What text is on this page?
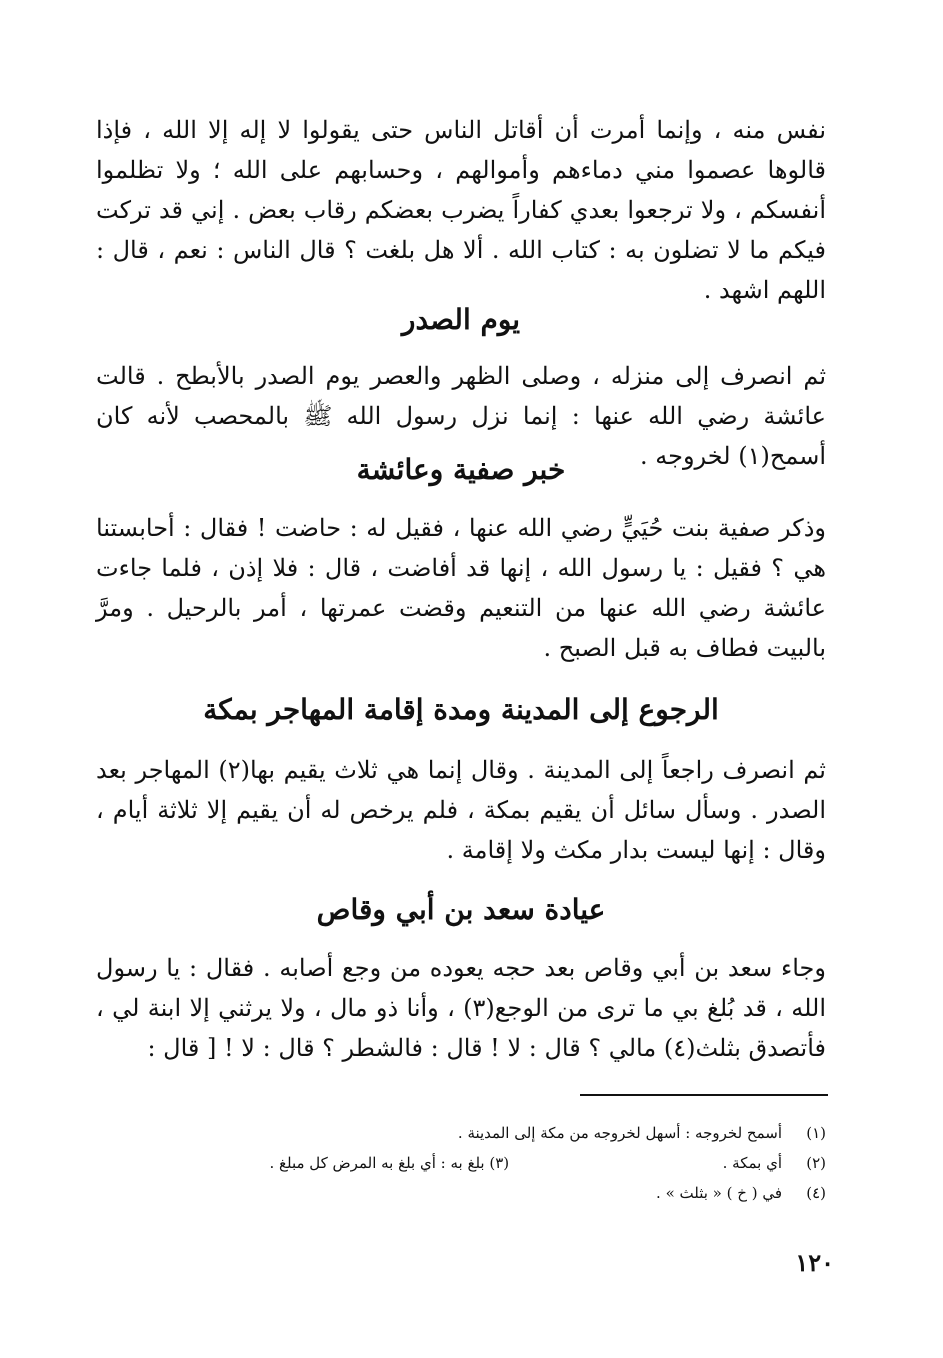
نفس منه ، وإنما أمرت أن أقاتل الناس حتى يقولوا لا إله إلا الله ، فإذا قالوها عصموا مني دماءهم وأموالهم ، وحسابهم على الله ؛ ولا تظلموا أنفسكم ، ولا ترجعوا بعدي كفاراً يضرب بعضكم رقاب بعض . إني قد تركت فيكم ما لا تضلون به : كتاب الله . ألا هل بلغت ؟ قال الناس : نعم ، قال : اللهم اشهد .

يوم الصدر

ثم انصرف إلى منزله ، وصلى الظهر والعصر يوم الصدر بالأبطح . قالت عائشة رضي الله عنها : إنما نزل رسول الله ﷺ بالمحصب لأنه كان أسمح(١) لخروجه .

خبر صفية وعائشة

وذكر صفية بنت حُيَيٍّ رضي الله عنها ، فقيل له : حاضت ! فقال : أحابستنا هي ؟ فقيل : يا رسول الله ، إنها قد أفاضت ، قال : فلا إذن ، فلما جاءت عائشة رضي الله عنها من التنعيم وقضت عمرتها ، أمر بالرحيل . ومرَّ بالبيت فطاف به قبل الصبح .

الرجوع إلى المدينة ومدة إقامة المهاجر بمكة

ثم انصرف راجعاً إلى المدينة . وقال إنما هي ثلاث يقيم بها(٢) المهاجر بعد الصدر . وسأل سائل أن يقيم بمكة ، فلم يرخص له أن يقيم إلا ثلاثة أيام ، وقال : إنها ليست بدار مكث ولا إقامة .

عيادة سعد بن أبي وقاص

وجاء سعد بن أبي وقاص بعد حجه يعوده من وجع أصابه . فقال : يا رسول الله ، قد بُلغ بي ما ترى من الوجع(٣) ، وأنا ذو مال ، ولا يرثني إلا ابنة لي ، فأتصدق بثلث(٤) مالي ؟ قال : لا ! قال : فالشطر ؟ قال : لا ! [ قال :

(١)
أسمح لخروجه : أسهل لخروجه من مكة إلى المدينة .
(٢)
أي بمكة .
(٣) بلغ به : أي بلغ به المرض كل مبلغ .
(٤)
في ( خ ) « بثلث » .
١٢٠
